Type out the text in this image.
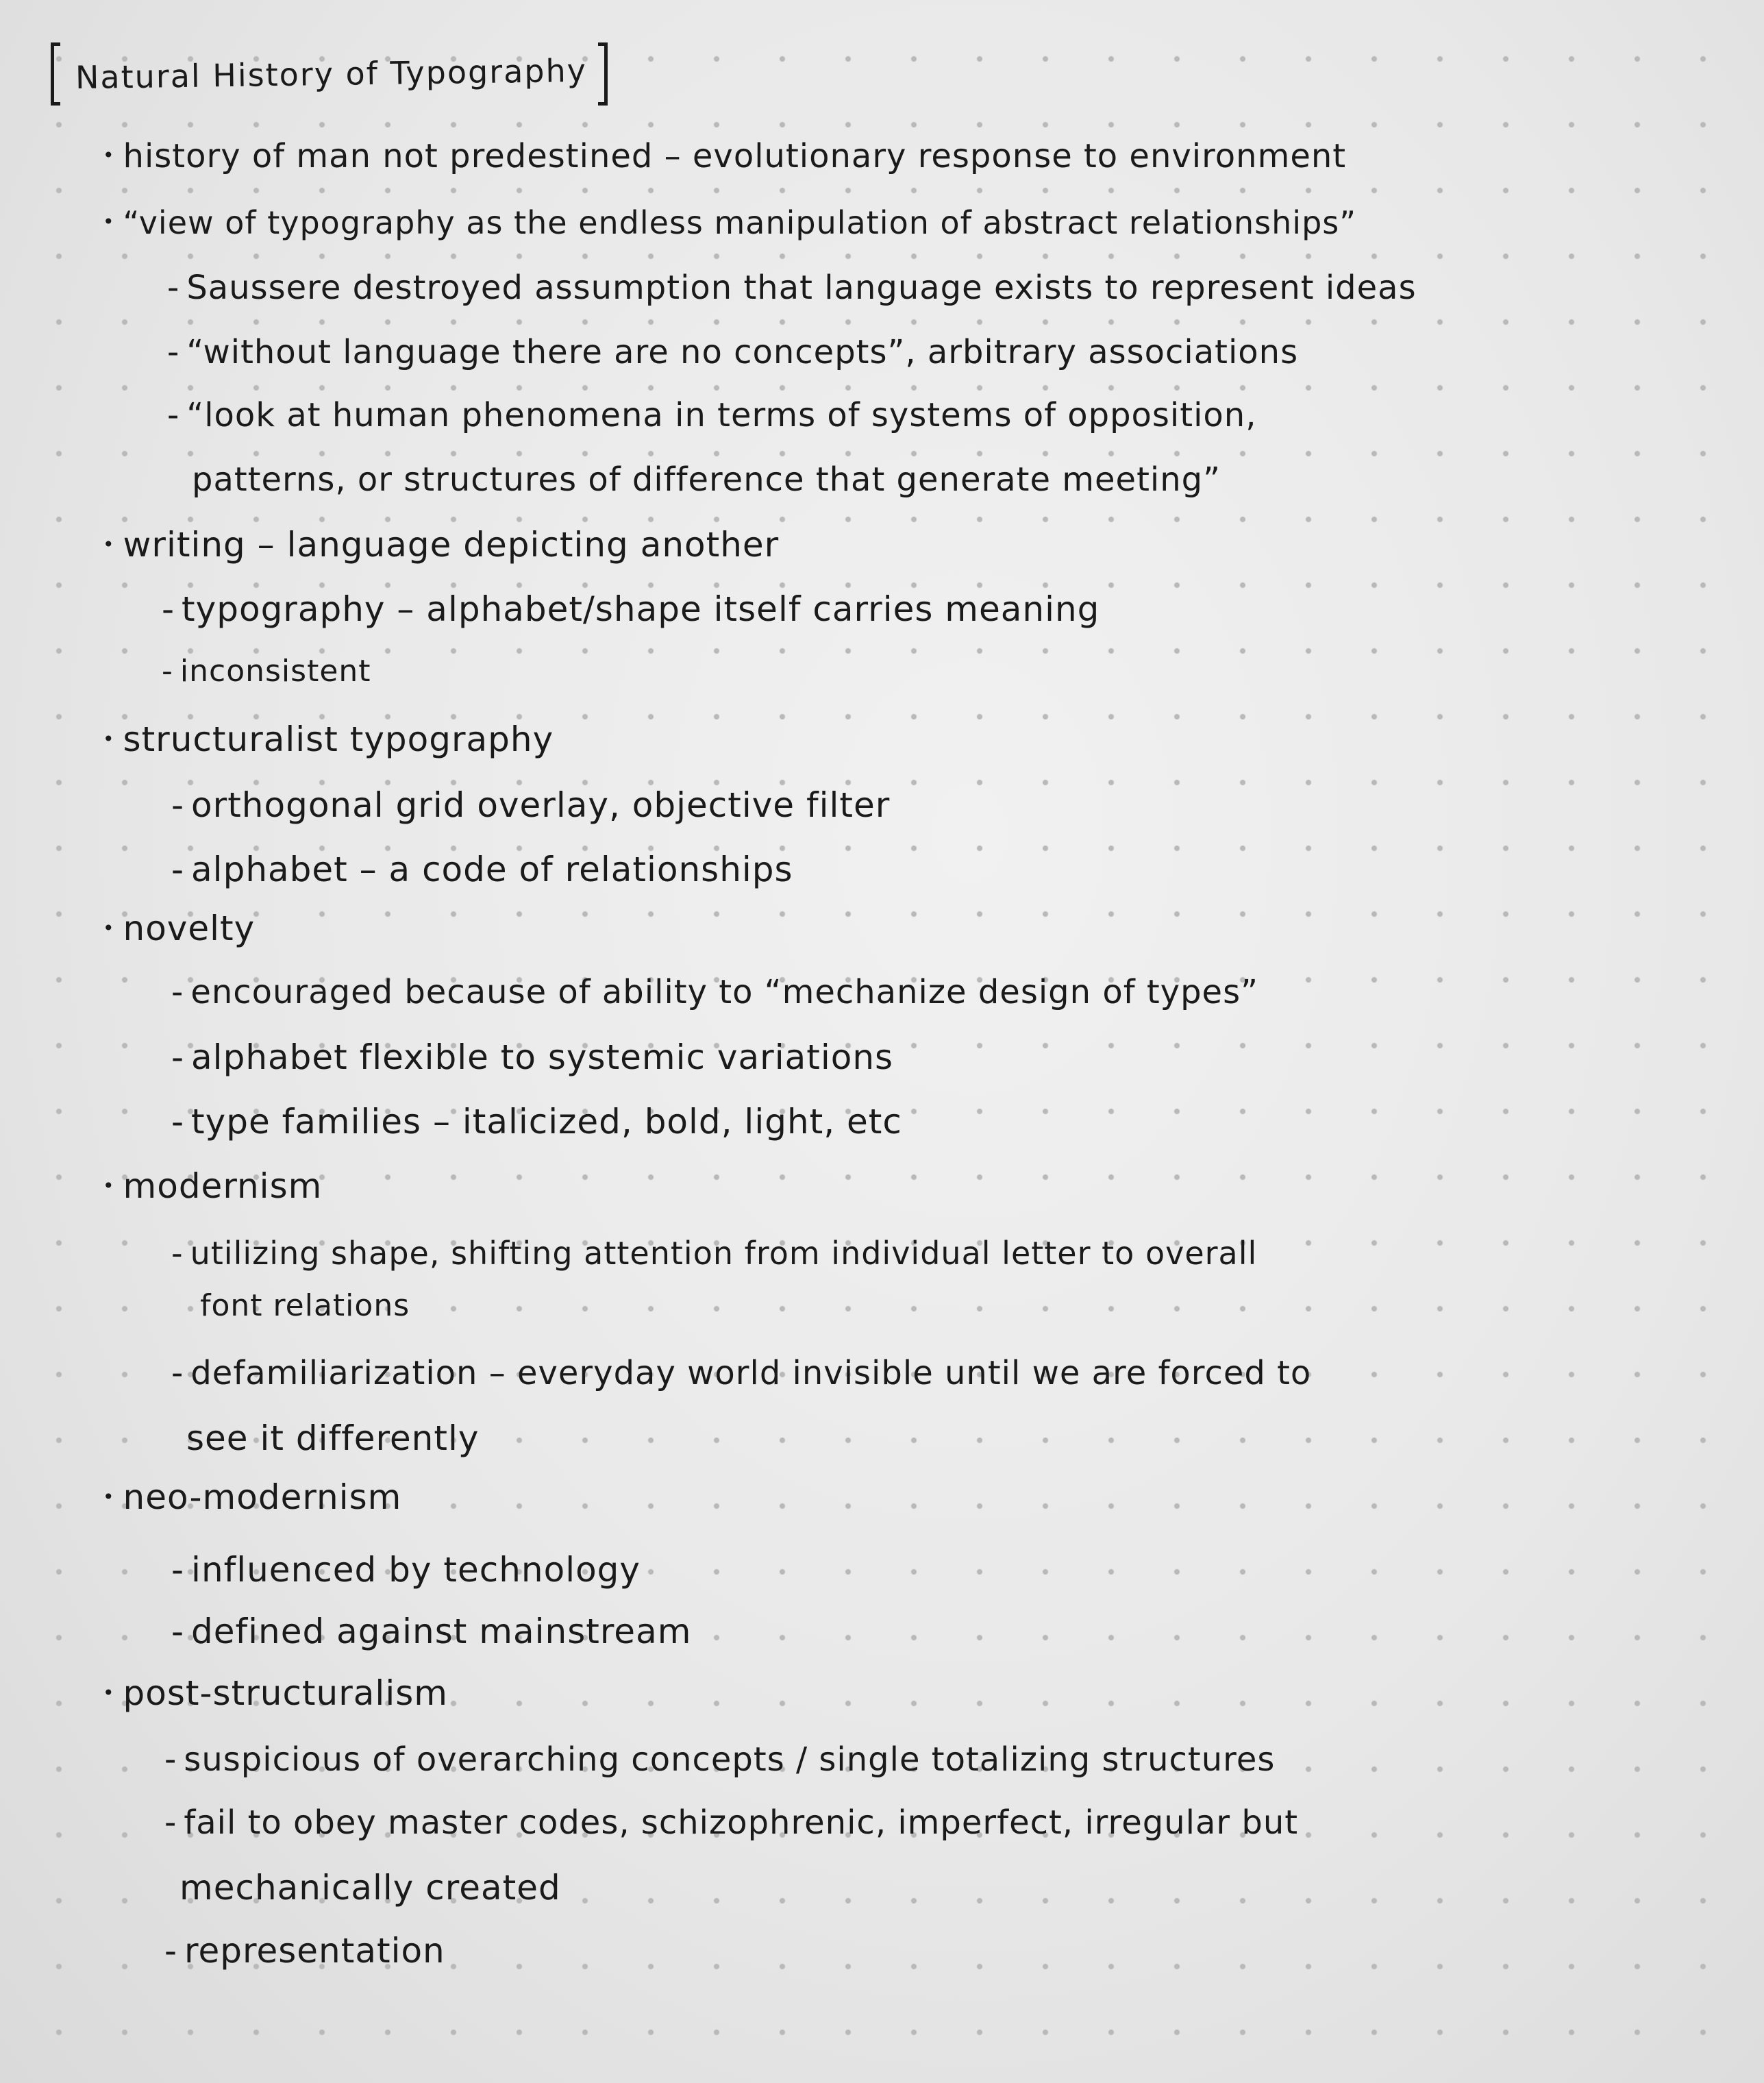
Natural History of Typography
• history of man not predestined – evolutionary response to environment
• “view of typography as the endless manipulation of abstract relationships”
- Saussere destroyed assumption that language exists to represent ideas
- “without language there are no concepts”, arbitrary associations
- “look at human phenomena in terms of systems of opposition,
patterns, or structures of difference that generate meeting”
• writing – language depicting another
- typography – alphabet/shape itself carries meaning
- inconsistent
• structuralist typography
- orthogonal grid overlay, objective filter
- alphabet – a code of relationships
• novelty
- encouraged because of ability to “mechanize design of types”
- alphabet flexible to systemic variations
- type families – italicized, bold, light, etc
• modernism
- utilizing shape, shifting attention from individual letter to overall
font relations
- defamiliarization – everyday world invisible until we are forced to
see it differently
• neo-modernism
- influenced by technology
- defined against mainstream
• post-structuralism
- suspicious of overarching concepts / single totalizing structures
- fail to obey master codes, schizophrenic, imperfect, irregular but
mechanically created
- representation
